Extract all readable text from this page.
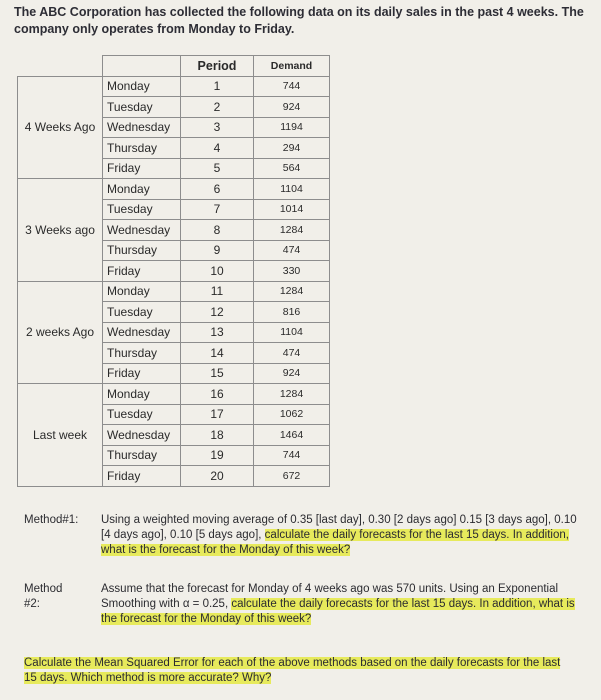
The ABC Corporation has collected the following data on its daily sales in the past 4 weeks. The company only operates from Monday to Friday.
		Period	Demand
4 Weeks Ago	Monday	1	744
	Tuesday	2	924
	Wednesday	3	1194
	Thursday	4	294
	Friday	5	564
3 Weeks ago	Monday	6	1104
	Tuesday	7	1014
	Wednesday	8	1284
	Thursday	9	474
	Friday	10	330
2 weeks Ago	Monday	11	1284
	Tuesday	12	816
	Wednesday	13	1104
	Thursday	14	474
	Friday	15	924
Last week	Monday	16	1284
	Tuesday	17	1062
	Wednesday	18	1464
	Thursday	19	744
	Friday	20	672
Method#1: Using a weighted moving average of 0.35 [last day], 0.30 [2 days ago] 0.15 [3 days ago], 0.10 [4 days ago], 0.10 [5 days ago], calculate the daily forecasts for the last 15 days. In addition, what is the forecast for the Monday of this week?
Method #2:
Assume that the forecast for Monday of 4 weeks ago was 570 units. Using an Exponential Smoothing with α = 0.25, calculate the daily forecasts for the last 15 days. In addition, what is the forecast for the Monday of this week?
Calculate the Mean Squared Error for each of the above methods based on the daily forecasts for the last 15 days. Which method is more accurate? Why?
